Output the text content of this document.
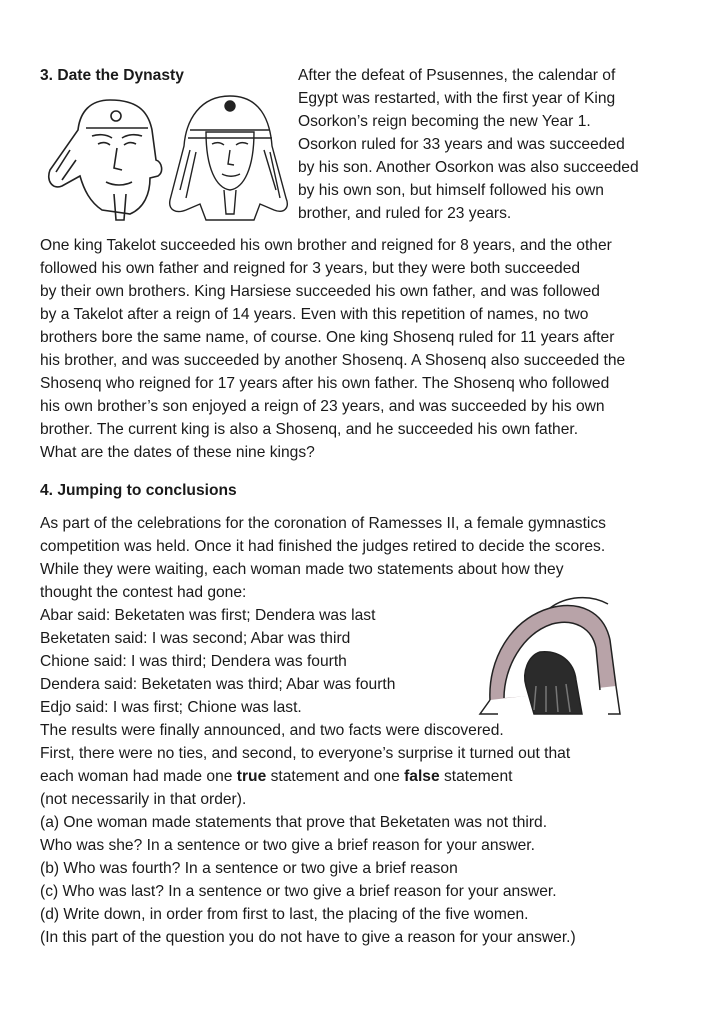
3. Date the Dynasty	After the defeat of Psusennes, the calendar of
Egypt was restarted, with the first year of King
Osorkon’s reign becoming the new Year 1.
Osorkon ruled for 33 years and was succeeded
by his son. Another Osorkon was also succeeded
by his own son, but himself followed his own
brother, and ruled for 23 years.
One king Takelot succeeded his own brother and reigned for 8 years, and the other
followed his own father and reigned for 3 years, but they were both succeeded
by their own brothers. King Harsiese succeeded his own father, and was followed
by a Takelot after a reign of 14 years. Even with this repetition of names, no two
brothers bore the same name, of course. One king Shosenq ruled for 11 years after
his brother, and was succeeded by another Shosenq. A Shosenq also succeeded the
Shosenq who reigned for 17 years after his own father. The Shosenq who followed
his own brother’s son enjoyed a reign of 23 years, and was succeeded by his own
brother. The current king is also a Shosenq, and he succeeded his own father.
What are the dates of these nine kings?
4. Jumping to conclusions
As part of the celebrations for the coronation of Ramesses II, a female gymnastics
competition was held. Once it had finished the judges retired to decide the scores.
While they were waiting, each woman made two statements about how they
thought the contest had gone:
Abar said: Beketaten was first; Dendera was last
Beketaten said: I was second; Abar was third
Chione said: I was third; Dendera was fourth
Dendera said: Beketaten was third; Abar was fourth
Edjo said: I was first; Chione was last.
The results were finally announced, and two facts were discovered.
First, there were no ties, and second, to everyone’s surprise it turned out that
each woman had made one true statement and one false statement
(not necessarily in that order).
(a) One woman made statements that prove that Beketaten was not third.
Who was she? In a sentence or two give a brief reason for your answer.
(b) Who was fourth? In a sentence or two give a brief reason
(c) Who was last? In a sentence or two give a brief reason for your answer.
(d) Write down, in order from first to last, the placing of the five women.
(In this part of the question you do not have to give a reason for your answer.)
